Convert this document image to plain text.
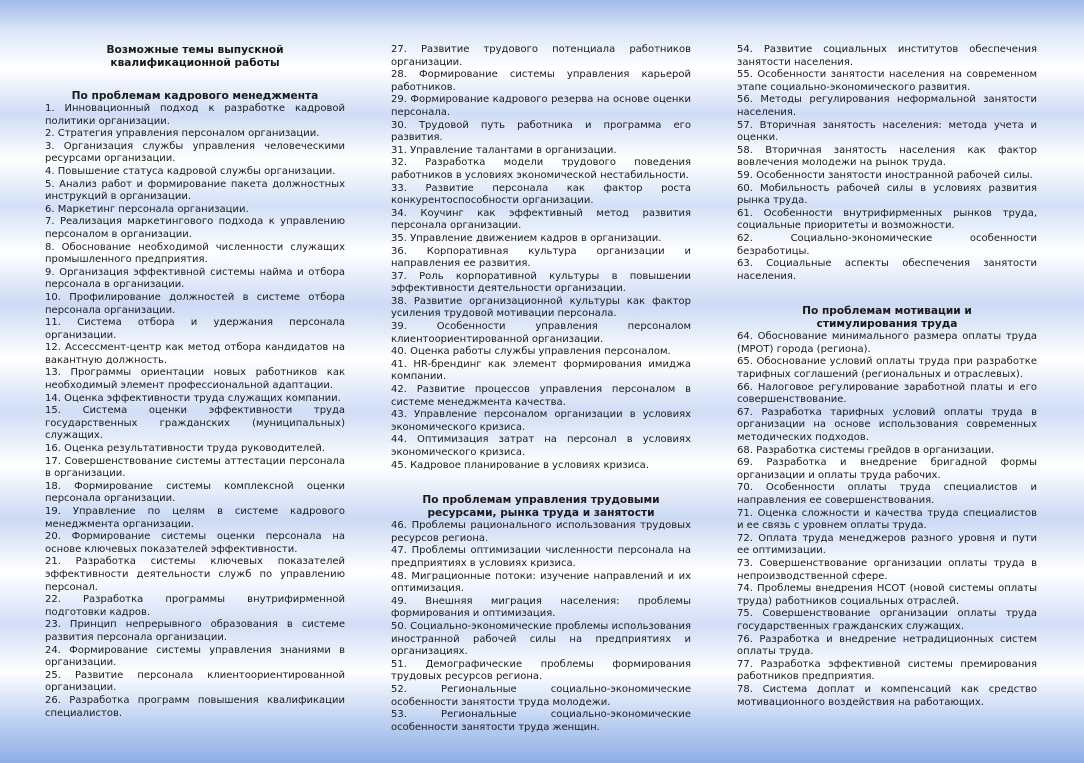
Возможные темы выпускной квалификационной работы
По проблемам кадрового менеджмента

1. Инновационный подход к разработке кадровой политики организации.

2. Стратегия управления персоналом организации.

3. Организация службы управления человеческими ресурсами организации.

4. Повышение статуса кадровой службы организации.

5. Анализ работ и формирование пакета должностных инструкций в организации.

6. Маркетинг персонала организации.

7. Реализация маркетингового подхода к управлению персоналом в организации.

8. Обоснование необходимой численности служащих промышленного предприятия.

9. Организация эффективной системы найма и отбора персонала в организации.

10. Профилирование должностей в системе отбора персонала организации.

11. Система отбора и удержания персонала организации.

12. Ассессмент-центр как метод отбора кандидатов на вакантную должность.

13. Программы ориентации новых работников как необходимый элемент профессиональной адаптации.

14. Оценка эффективности труда служащих компании.

15. Система оценки эффективности труда государственных гражданских (муниципальных) служащих.

16. Оценка результативности труда руководителей.

17. Совершенствование системы аттестации персонала в организации.

18. Формирование системы комплексной оценки персонала организации.

19. Управление по целям в системе кадрового менеджмента организации.

20. Формирование системы оценки персонала на основе ключевых показателей эффективности.

21. Разработка системы ключевых показателей эффективности деятельности служб по управлению персонал.

22. Разработка программы внутрифирменной подготовки кадров.

23. Принцип непрерывного образования в системе развития персонала организации.

24. Формирование системы управления знаниями в организации.

25. Развитие персонала клиентоориентированной организации.

26. Разработка программ повышения квалификации специалистов.

27. Развитие трудового потенциала работников организации.

28. Формирование системы управления карьерой работников.

29. Формирование кадрового резерва на основе оценки персонала.

30. Трудовой путь работника и программа его развития.

31. Управление талантами в организации.

32. Разработка модели трудового поведения работников в условиях экономической нестабильности.

33. Развитие персонала как фактор роста конкурентоспособности организации.

34. Коучинг как эффективный метод развития персонала организации.

35. Управление движением кадров в организации.

36. Корпоративная культура организации и направления ее развития.

37. Роль корпоративной культуры в повышении эффективности деятельности организации.

38. Развитие организационной культуры как фактор усиления трудовой мотивации персонала.

39. Особенности управления персоналом клиентоориентированной организации.

40. Оценка работы службы управления персоналом.

41. HR-брендинг как элемент формирования имиджа компании.

42. Развитие процессов управления персоналом в системе менеджмента качества.

43. Управление персоналом организации в условиях экономического кризиса.

44. Оптимизация затрат на персонал в условиях экономического кризиса.

45. Кадровое планирование в условиях кризиса.

По проблемам управления трудовыми ресурсами, рынка труда и занятости

46. Проблемы рационального использования трудовых ресурсов региона.

47. Проблемы оптимизации численности персонала на предприятиях в условиях кризиса.

48. Миграционные потоки: изучение направлений и их оптимизация.

49. Внешняя миграция населения: проблемы формирования и оптимизация.

50. Социально-экономические проблемы использования иностранной рабочей силы на предприятиях и организациях.

51. Демографические проблемы формирования трудовых ресурсов региона.

52. Региональные социально-экономические особенности занятости труда молодежи.

53. Региональные социально-экономические особенности занятости труда женщин.

54. Развитие социальных институтов обеспечения занятости населения.

55. Особенности занятости населения на современном этапе социально-экономического развития.

56. Методы регулирования неформальной занятости населения.

57. Вторичная занятость населения: метода учета и оценки.

58. Вторичная занятость населения как фактор вовлечения молодежи на рынок труда.

59. Особенности занятости иностранной рабочей силы.

60. Мобильность рабочей силы в условиях развития рынка труда.

61. Особенности внутрифирменных рынков труда, социальные приоритеты и возможности.

62. Социально-экономические особенности безработицы.

63. Социальные аспекты обеспечения занятости населения.

По проблемам мотивации и стимулирования труда

64. Обоснование минимального размера оплаты труда (МРОТ) города (региона).

65. Обоснование условий оплаты труда при разработке тарифных соглашений (региональных и отраслевых).

66. Налоговое регулирование заработной платы и его совершенствование.

67. Разработка тарифных условий оплаты труда в организации на основе использования современных методических подходов.

68. Разработка системы грейдов в организации.

69. Разработка и внедрение бригадной формы организации и оплаты труда рабочих.

70. Особенности оплаты труда специалистов и направления ее совершенствования.

71. Оценка сложности и качества труда специалистов и ее связь с уровнем оплаты труда.

72. Оплата труда менеджеров разного уровня и пути ее оптимизации.

73. Совершенствование организации оплаты труда в непроизводственной сфере.

74. Проблемы внедрения НСОТ (новой системы оплаты труда) работников социальных отраслей.

75. Совершенствование организации оплаты труда государственных гражданских служащих.

76. Разработка и внедрение нетрадиционных систем оплаты труда.

77. Разработка эффективной системы премирования работников предприятия.

78. Система доплат и компенсаций как средство мотивационного воздействия на работающих.
